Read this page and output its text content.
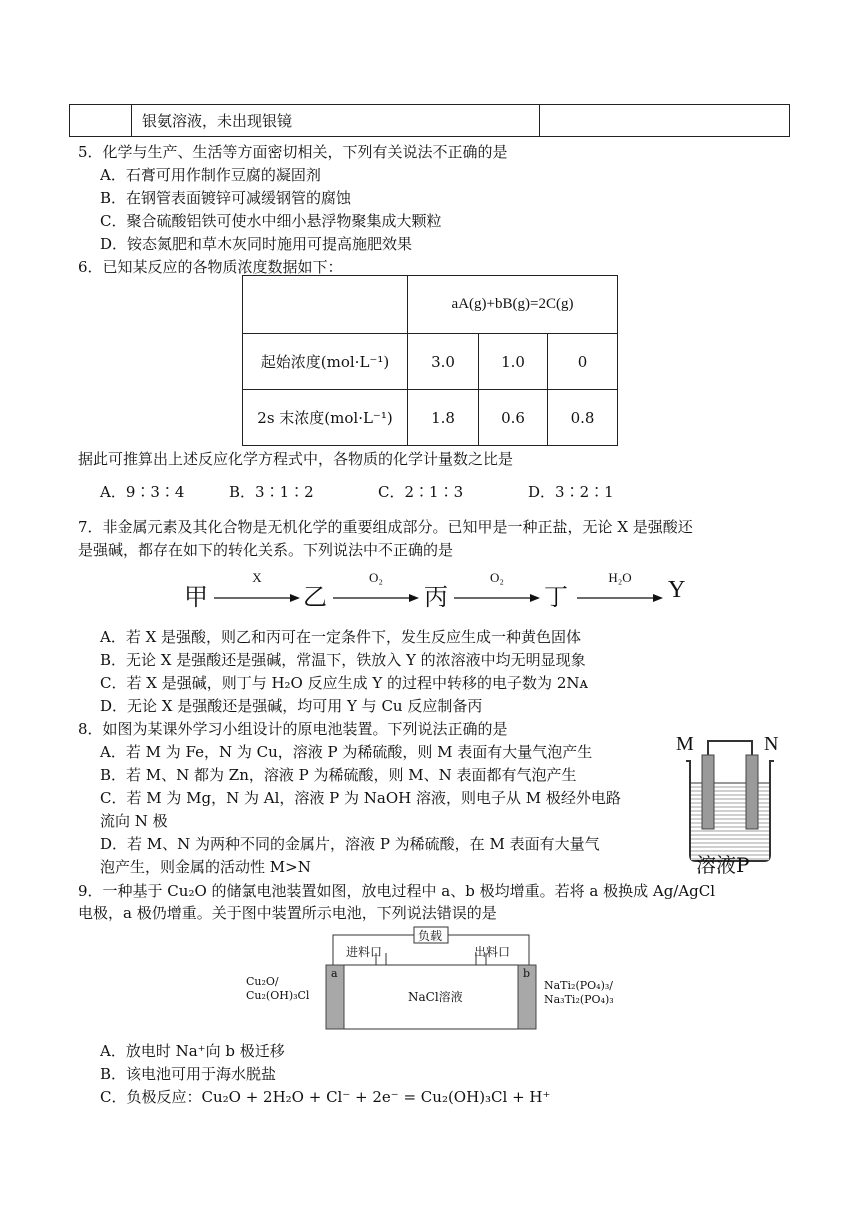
银氨溶液，未出现银镜
5．化学与生产、生活等方面密切相关，下列有关说法不正确的是
A．石膏可用作制作豆腐的凝固剂
B．在钢管表面镀锌可减缓钢管的腐蚀
C．聚合硫酸铝铁可使水中细小悬浮物聚集成大颗粒
D．铵态氮肥和草木灰同时施用可提高施肥效果
6．已知某反应的各物质浓度数据如下：
	aA(g)+bB(g)=2C(g)		
起始浓度(mol·L⁻¹)	3.0	1.0	0
2s 末浓度(mol·L⁻¹)	1.8	0.6	0.8
据此可推算出上述反应化学方程式中，各物质的化学计量数之比是
A．9∶3∶4	B．3∶1∶2	C．2∶1∶3	D．3∶2∶1
7．非金属元素及其化合物是无机化学的重要组成部分。已知甲是一种正盐，无论 X 是强酸还
是强碱，都存在如下的转化关系。下列说法中不正确的是
甲
X
乙
O₂
丙
O₂
丁
H₂O	Y
A．若 X 是强酸，则乙和丙可在一定条件下，发生反应生成一种黄色固体
B．无论 X 是强酸还是强碱，常温下，铁放入 Y 的浓溶液中均无明显现象
C．若 X 是强碱，则丁与 H₂O 反应生成 Y 的过程中转移的电子数为 2Nᴀ
D．无论 X 是强酸还是强碱，均可用 Y 与 Cu 反应制备丙
8．如图为某课外学习小组设计的原电池装置。下列说法正确的是
A．若 M 为 Fe，N 为 Cu，溶液 P 为稀硫酸，则 M 表面有大量气泡产生
B．若 M、N 都为 Zn，溶液 P 为稀硫酸，则 M、N 表面都有气泡产生
C．若 M 为 Mg，N 为 Al，溶液 P 为 NaOH 溶液，则电子从 M 极经外电路
流向 N 极
D．若 M、N 为两种不同的金属片，溶液 P 为稀硫酸，在 M 表面有大量气
泡产生，则金属的活动性 M>N
M	N
溶液P
9．一种基于 Cu₂O 的储氯电池装置如图，放电过程中 a、b 极均增重。若将 a 极换成 Ag/AgCl
电极，a 极仍增重。关于图中装置所示电池，下列说法错误的是
负载
进料口	出料口
a	b
Cu₂O/
Cu₂(OH)₃Cl	NaCl溶液
NaTi₂(PO₄)₃/
Na₃Ti₂(PO₄)₃
A．放电时 Na⁺向 b 极迁移
B．该电池可用于海水脱盐
C．负极反应：Cu₂O + 2H₂O + Cl⁻ + 2e⁻ = Cu₂(OH)₃Cl + H⁺
